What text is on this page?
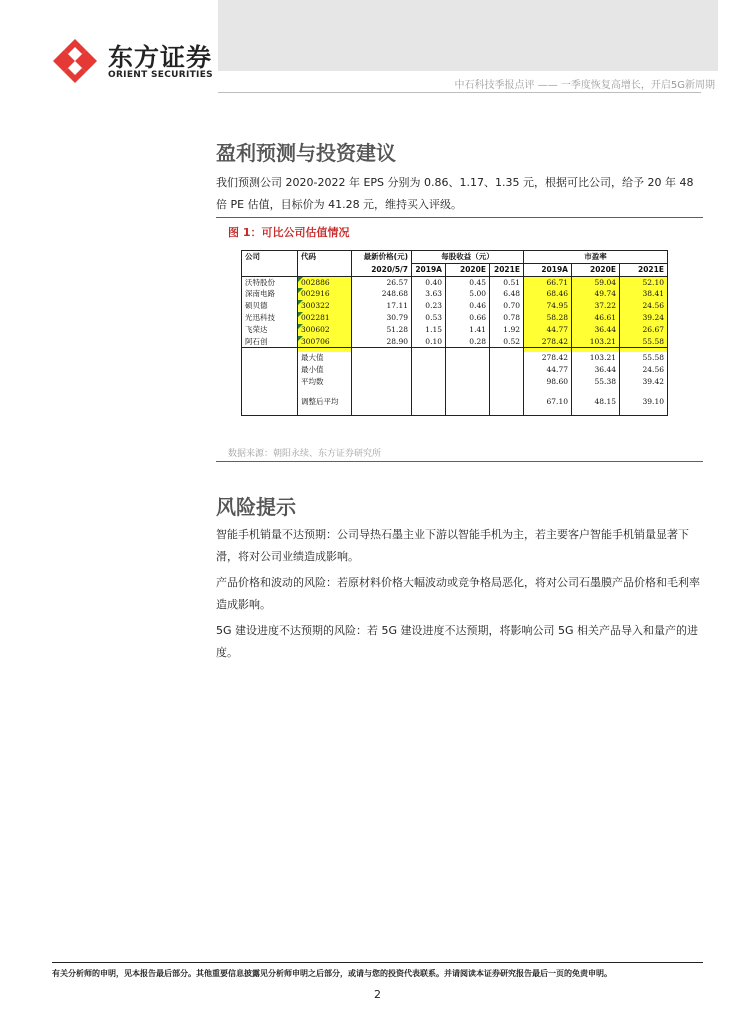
东方证券
ORIENT SECURITIES
中石科技季报点评 —— 一季度恢复高增长，开启5G新周期
盈利预测与投资建议
我们预测公司 2020-2022 年 EPS 分别为 0.86、1.17、1.35 元，根据可比公司，给予 20 年 48 倍 PE 估值，目标价为 41.28 元，维持买入评级。
图 1：可比公司估值情况
公司	代码	最新价格(元)	每股收益（元）			市盈率		
		2020/5/7	2019A	2020E	2021E	2019A	2020E	2021E
沃特股份	002886	26.57	0.40	0.45	0.51	66.71	59.04	52.10
深南电路	002916	248.68	3.63	5.00	6.48	68.46	49.74	38.41
硕贝德	300322	17.11	0.23	0.46	0.70	74.95	37.22	24.56
光迅科技	002281	30.79	0.53	0.66	0.78	58.28	46.61	39.24
飞荣达	300602	51.28	1.15	1.41	1.92	44.77	36.44	26.67
阿石创	300706	28.90	0.10	0.28	0.52	278.42	103.21	55.58

	最大值					278.42	103.21	55.58
	最小值					44.77	36.44	24.56
	平均数					98.60	55.38	39.42
	调整后平均					67.10	48.15	39.10
数据来源：朝阳永续、东方证券研究所
风险提示
智能手机销量不达预期：公司导热石墨主业下游以智能手机为主，若主要客户智能手机销量显著下滑，将对公司业绩造成影响。
产品价格和波动的风险：若原材料价格大幅波动或竞争格局恶化，将对公司石墨膜产品价格和毛利率造成影响。
5G 建设进度不达预期的风险：若 5G 建设进度不达预期，将影响公司 5G 相关产品导入和量产的进度。
有关分析师的申明，见本报告最后部分。其他重要信息披露见分析师申明之后部分，或请与您的投资代表联系。并请阅读本证券研究报告最后一页的免责申明。
2
